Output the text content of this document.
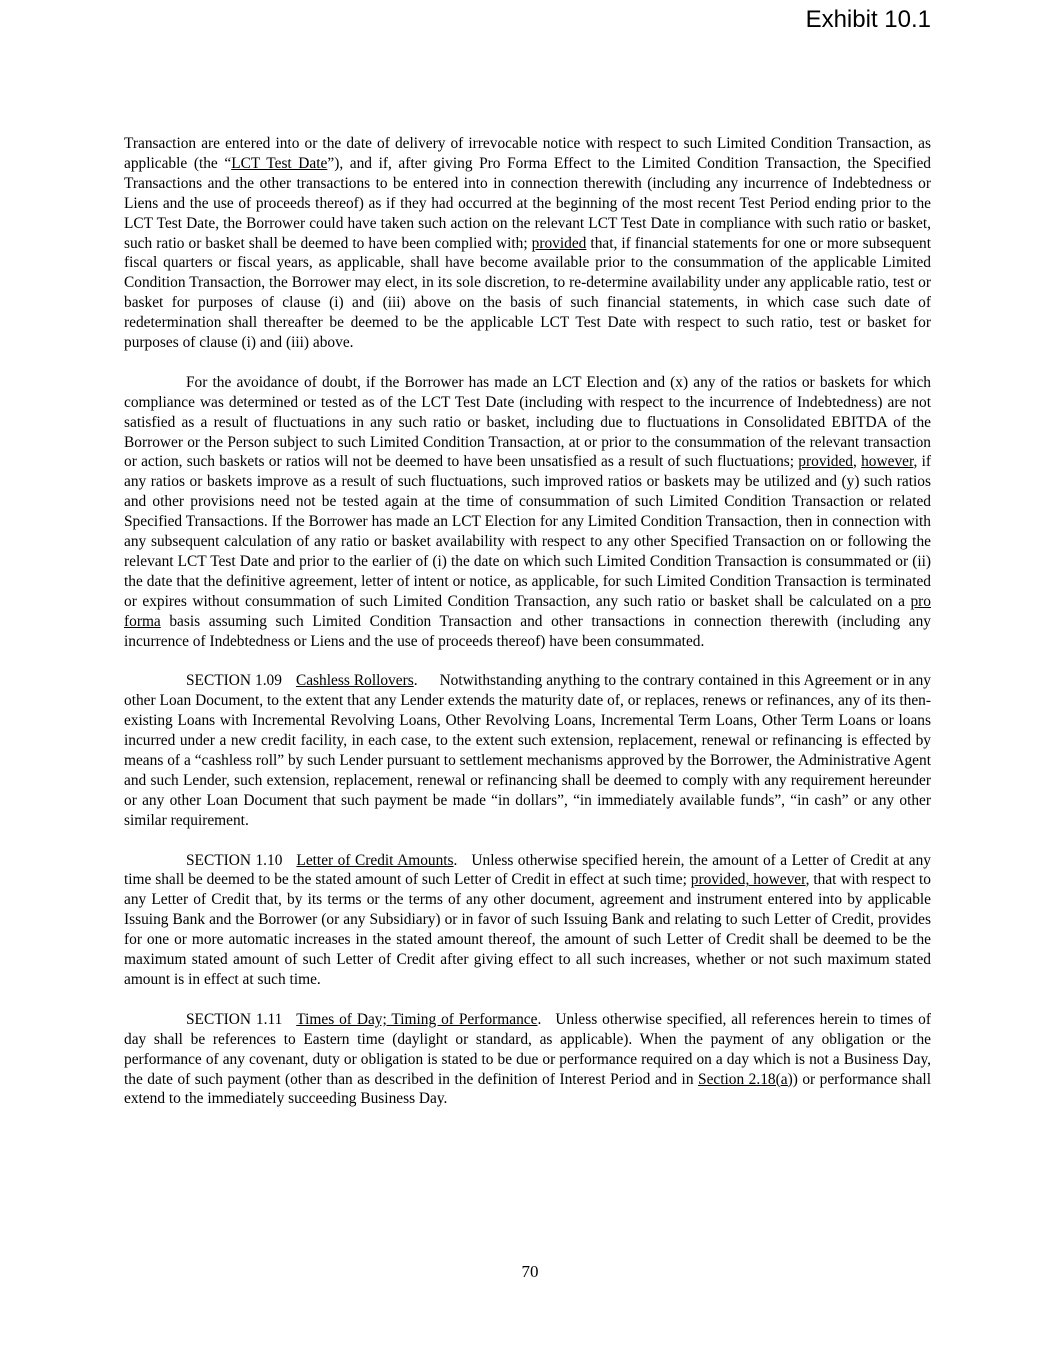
Exhibit 10.1

Transaction are entered into or the date of delivery of irrevocable notice with respect to such Limited Condition Transaction, as applicable (the “LCT Test Date”), and if, after giving Pro Forma Effect to the Limited Condition Transaction, the Specified Transactions and the other transactions to be entered into in connection therewith (including any incurrence of Indebtedness or Liens and the use of proceeds thereof) as if they had occurred at the beginning of the most recent Test Period ending prior to the LCT Test Date, the Borrower could have taken such action on the relevant LCT Test Date in compliance with such ratio or basket, such ratio or basket shall be deemed to have been complied with; provided that, if financial statements for one or more subsequent fiscal quarters or fiscal years, as applicable, shall have become available prior to the consummation of the applicable Limited Condition Transaction, the Borrower may elect, in its sole discretion, to re-determine availability under any applicable ratio, test or basket for purposes of clause (i) and (iii) above on the basis of such financial statements, in which case such date of redetermination shall thereafter be deemed to be the applicable LCT Test Date with respect to such ratio, test or basket for purposes of clause (i) and (iii) above.

For the avoidance of doubt, if the Borrower has made an LCT Election and (x) any of the ratios or baskets for which compliance was determined or tested as of the LCT Test Date (including with respect to the incurrence of Indebtedness) are not satisfied as a result of fluctuations in any such ratio or basket, including due to fluctuations in Consolidated EBITDA of the Borrower or the Person subject to such Limited Condition Transaction, at or prior to the consummation of the relevant transaction or action, such baskets or ratios will not be deemed to have been unsatisfied as a result of such fluctuations; provided, however, if any ratios or baskets improve as a result of such fluctuations, such improved ratios or baskets may be utilized and (y) such ratios and other provisions need not be tested again at the time of consummation of such Limited Condition Transaction or related Specified Transactions. If the Borrower has made an LCT Election for any Limited Condition Transaction, then in connection with any subsequent calculation of any ratio or basket availability with respect to any other Specified Transaction on or following the relevant LCT Test Date and prior to the earlier of (i) the date on which such Limited Condition Transaction is consummated or (ii) the date that the definitive agreement, letter of intent or notice, as applicable, for such Limited Condition Transaction is terminated or expires without consummation of such Limited Condition Transaction, any such ratio or basket shall be calculated on a pro forma basis assuming such Limited Condition Transaction and other transactions in connection therewith (including any incurrence of Indebtedness or Liens and the use of proceeds thereof) have been consummated.

SECTION 1.09 Cashless Rollovers. Notwithstanding anything to the contrary contained in this Agreement or in any other Loan Document, to the extent that any Lender extends the maturity date of, or replaces, renews or refinances, any of its then-existing Loans with Incremental Revolving Loans, Other Revolving Loans, Incremental Term Loans, Other Term Loans or loans incurred under a new credit facility, in each case, to the extent such extension, replacement, renewal or refinancing is effected by means of a “cashless roll” by such Lender pursuant to settlement mechanisms approved by the Borrower, the Administrative Agent and such Lender, such extension, replacement, renewal or refinancing shall be deemed to comply with any requirement hereunder or any other Loan Document that such payment be made “in dollars”, “in immediately available funds”, “in cash” or any other similar requirement.

SECTION 1.10 Letter of Credit Amounts. Unless otherwise specified herein, the amount of a Letter of Credit at any time shall be deemed to be the stated amount of such Letter of Credit in effect at such time; provided, however, that with respect to any Letter of Credit that, by its terms or the terms of any other document, agreement and instrument entered into by applicable Issuing Bank and the Borrower (or any Subsidiary) or in favor of such Issuing Bank and relating to such Letter of Credit, provides for one or more automatic increases in the stated amount thereof, the amount of such Letter of Credit shall be deemed to be the maximum stated amount of such Letter of Credit after giving effect to all such increases, whether or not such maximum stated amount is in effect at such time.

SECTION 1.11 Times of Day; Timing of Performance. Unless otherwise specified, all references herein to times of day shall be references to Eastern time (daylight or standard, as applicable). When the payment of any obligation or the performance of any covenant, duty or obligation is stated to be due or performance required on a day which is not a Business Day, the date of such payment (other than as described in the definition of Interest Period and in Section 2.18(a)) or performance shall extend to the immediately succeeding Business Day.

70
